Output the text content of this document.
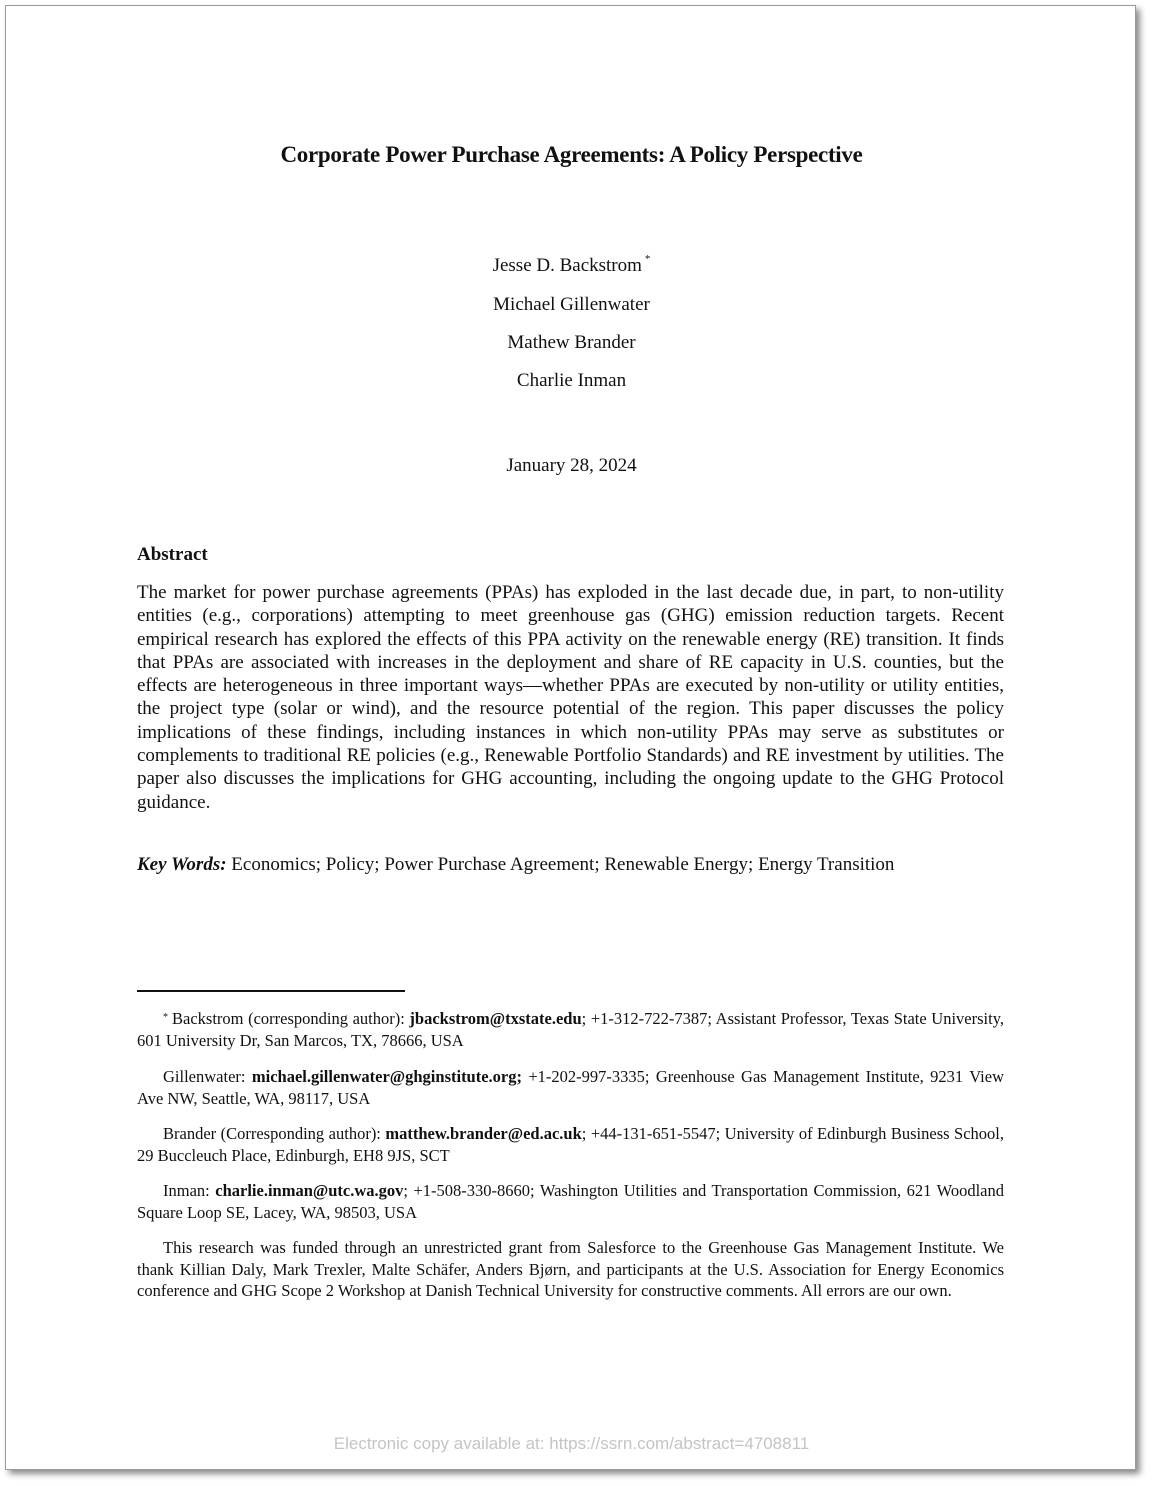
Corporate Power Purchase Agreements: A Policy Perspective
Jesse D. Backstrom *
Michael Gillenwater
Mathew Brander
Charlie Inman
January 28, 2024
Abstract

The market for power purchase agreements (PPAs) has exploded in the last decade due, in part, to non-utility entities (e.g., corporations) attempting to meet greenhouse gas (GHG) emission reduction targets. Recent empirical research has explored the effects of this PPA activity on the renewable energy (RE) transition. It finds that PPAs are associated with increases in the deployment and share of RE capacity in U.S. counties, but the effects are heterogeneous in three important ways—whether PPAs are executed by non-utility or utility entities, the project type (solar or wind), and the resource potential of the region. This paper discusses the policy implications of these findings, including instances in which non-utility PPAs may serve as substitutes or complements to traditional RE policies (e.g., Renewable Portfolio Standards) and RE investment by utilities. The paper also discusses the implications for GHG accounting, including the ongoing update to the GHG Protocol guidance.

Key Words: Economics; Policy; Power Purchase Agreement; Renewable Energy; Energy Transition

* Backstrom (corresponding author): jbackstrom@txstate.edu; +1-312-722-7387; Assistant Professor, Texas State University, 601 University Dr, San Marcos, TX, 78666, USA

Gillenwater: michael.gillenwater@ghginstitute.org; +1-202-997-3335; Greenhouse Gas Management Institute, 9231 View Ave NW, Seattle, WA, 98117, USA

Brander (Corresponding author): matthew.brander@ed.ac.uk; +44-131-651-5547; University of Edinburgh Business School, 29 Buccleuch Place, Edinburgh, EH8 9JS, SCT

Inman: charlie.inman@utc.wa.gov; +1-508-330-8660; Washington Utilities and Transportation Commission, 621 Woodland Square Loop SE, Lacey, WA, 98503, USA

This research was funded through an unrestricted grant from Salesforce to the Greenhouse Gas Management Institute. We thank Killian Daly, Mark Trexler, Malte Schäfer, Anders Bjørn, and participants at the U.S. Association for Energy Economics conference and GHG Scope 2 Workshop at Danish Technical University for constructive comments. All errors are our own.

Electronic copy available at: https://ssrn.com/abstract=4708811
